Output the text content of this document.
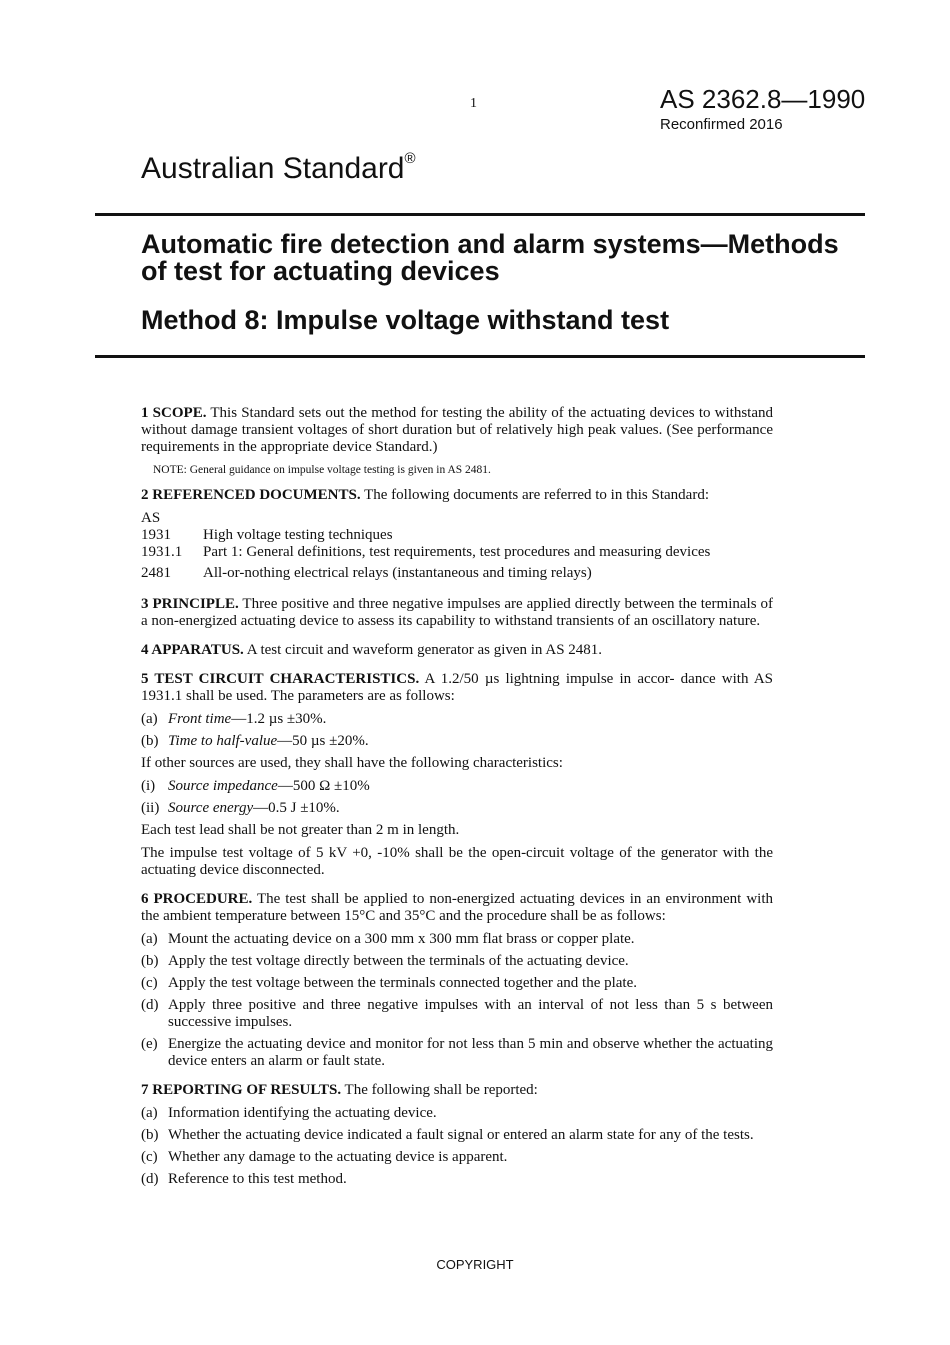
1	AS 2362.8—1990
Reconfirmed 2016
Australian Standard®
Automatic fire detection and alarm systems—Methods of test for actuating devices
Method 8: Impulse voltage withstand test

1 SCOPE. This Standard sets out the method for testing the ability of the actuating devices to withstand without damage transient voltages of short duration but of relatively high peak values. (See performance requirements in the appropriate device Standard.)

NOTE: General guidance on impulse voltage testing is given in AS 2481.

2 REFERENCED DOCUMENTS. The following documents are referred to in this Standard:

AS
1931	High voltage testing techniques
1931.1	Part 1: General definitions, test requirements, test procedures and measuring devices
2481	All-or-nothing electrical relays (instantaneous and timing relays)

3 PRINCIPLE. Three positive and three negative impulses are applied directly between the terminals of a non-energized actuating device to assess its capability to withstand transients of an oscillatory nature.

4 APPARATUS. A test circuit and waveform generator as given in AS 2481.

5 TEST CIRCUIT CHARACTERISTICS. A 1.2/50 µs lightning impulse in accor- dance with AS 1931.1 shall be used. The parameters are as follows:

(a) Front time—1.2 µs ±30%.
(b) Time to half-value—50 µs ±20%.
If other sources are used, they shall have the following characteristics:
(i) Source impedance—500 Ω ±10%
(ii) Source energy—0.5 J ±10%.
Each test lead shall be not greater than 2 m in length.
The impulse test voltage of 5 kV +0, -10% shall be the open-circuit voltage of the generator with the actuating device disconnected.

6 PROCEDURE. The test shall be applied to non-energized actuating devices in an environment with the ambient temperature between 15°C and 35°C and the procedure shall be as follows:

(a) Mount the actuating device on a 300 mm x 300 mm flat brass or copper plate.
(b) Apply the test voltage directly between the terminals of the actuating device.
(c) Apply the test voltage between the terminals connected together and the plate.
(d) Apply three positive and three negative impulses with an interval of not less than 5 s between successive impulses.
(e) Energize the actuating device and monitor for not less than 5 min and observe whether the actuating device enters an alarm or fault state.

7 REPORTING OF RESULTS. The following shall be reported:

(a) Information identifying the actuating device.
(b) Whether the actuating device indicated a fault signal or entered an alarm state for any of the tests.
(c) Whether any damage to the actuating device is apparent.
(d) Reference to this test method.
COPYRIGHT
